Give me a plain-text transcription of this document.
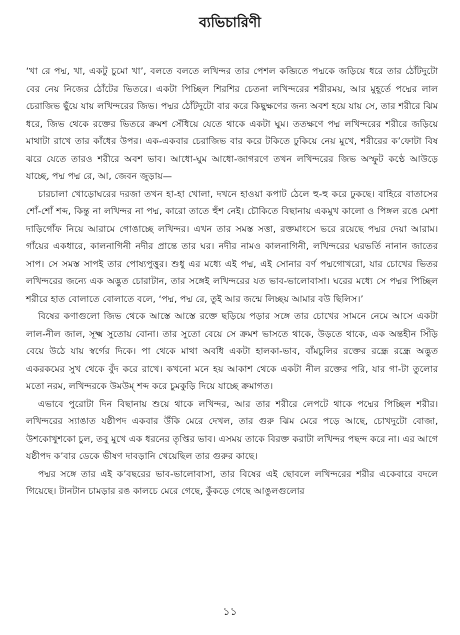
ব্যভিচারিণী

‘খা রে পদ্ম, খা, একটু চুমো খা’, বলতে বলতে লখিন্দর তার পেশল কব্জিতে পদ্মকে জড়িয়ে ধরে তার ঠোঁটদুটো বের নেয় নিজের ঠোঁটের ভিতরে। একটা পিচ্ছিল শিরশির চেতনা লখিন্দরের শরীরময়, আর মুহূর্তে পদ্মের লাল চেরাজিভ ছুঁয়ে যায় লখিন্দরের জিভ। পদ্মর ঠোঁটদুটো বার করে কিছুক্ষণের জন্য অবশ হয়ে যায় সে, তার শরীরে ঝিম ধরে, জিভ থেকে রক্তের ভিতরে ক্রমশ সেঁধিয়ে যেতে থাকে একটা ঘুম। ততক্ষণে পদ্ম লখিন্দরের শরীরে জড়িয়ে মাথাটা রাখে তার কাঁধের উপর। এক-একবার চেরাজিভ বার করে টকিতে ঢুকিয়ে নেয় মুখে, শরীরের ক’ফোটা বিষ ঝরে যেতে তারও শরীরে অবশ ভাব। আধো-ঘুম আধো-জাগরণে তখন লখিন্দরের জিভ অস্ফুট কণ্ঠে আউড়ে যাচ্ছে, পদ্ম পদ্ম রে, আ, জেবন জুড়ায়—

চারচালা খোড়োঘরের দরজা তখন হা-হা খোলা, দখনে হাওয়া কপাট ঠেলে হু-হু করে ঢুকছে। বাহিরে বাতাসের শোঁ-শোঁ শব্দ, কিন্তু না লখিন্দর না পদ্ম, কারো তাতে হুঁশ নেই। চৌকিতে বিছানায় একমুখ কালো ও পিঙ্গল রঙে মেশা দাড়িগোঁফ নিয়ে আরামে গোঙাচ্ছে লখিন্দর। এখন তার সমস্ত সত্তা, রক্তমাংসে ভরে রয়েছে পদ্মর দেয়া আরাম। গাঁয়ের একধারে, কালনাগিনী নদীর প্রান্তে তার ঘর। নদীর নামও কালনাগিনী, লখিন্দরের ঘরভর্তি নানান জাতের সাপ। সে সমস্ত সাপই তার পোষ্যপুত্তুর। শুধু এর মধ্যে এই পদ্ম, এই সোনার বর্ণ পদ্মগোখরো, যার চোখের ভিতর লখিন্দরের জন্যে এক অদ্ভুত চোরাটান, তার সঙ্গেই লখিন্দরের যত ভাব-ভালোবাসা। ঘরের মধ্যে সে পদ্মর পিচ্ছিল শরীরে হাত বোলাতে বোলাতে বলে, ‘পদ্ম, পদ্ম রে, তুই আর জন্মে লিচ্ছয় আমার বউ ছিলিস।’

বিষের কণাগুলো জিভ থেকে আস্তে আস্তে রক্তে ছড়িয়ে পড়ার সঙ্গে তার চোখের সামনে নেমে আসে একটা লাল-নীল জাল, সূক্ষ্ম সুতোয় বোনা। তার সুতো বেয়ে সে ক্রমশ ভাসতে থাকে, উড়তে থাকে, এক অন্তহীন সিঁড়ি বেয়ে উঠে যায় স্বর্গের দিকে। পা থেকে মাথা অবধি একটা হালকা-ভাব, বাঁমচুলির রক্তের রন্ধ্রে রন্ধ্রে অদ্ভুত একরকমের সুখ থেকে বুঁদ করে রাখে। কখনো মনে হয় আকাশ থেকে একটা নীল রক্তের পরি, যার গা-টা তুলোর মতো নরম, লখিন্দরকে উমউম্‌ শব্দ করে চুমকুড়ি দিয়ে যাচ্ছে ক্রমাগত।

এভাবে পুরোটা দিন বিছানায় শুয়ে থাকে লখিন্দর, আর তার শরীরে লেপটে থাকে পদ্মের পিচ্ছিল শরীর। লখিন্দরের স্যাঙাত যষ্ঠীপদ একবার উঁকি মেরে দেখল, তার গুরু ঝিম মেরে পড়ে আছে, চোখদুটো বোজা, উশকোখুশকো চুল, তবু মুখে এক ধরনের তৃপ্তির ভাব। এসময় তাকে বিরক্ত করাটা লখিন্দর পছন্দ করে না। এর আগে যষ্ঠীপদ ক’বার ডেকে ভীষণ দাবড়ানি খেয়েছিল তার গুরুর কাছে।

পদ্মর সঙ্গে তার এই ক’বছরের ভাব-ভালোবাসা, তার বিষের এই ছোবলে লখিন্দরের শরীর একেবারে বদলে গিয়েছে। টানটান চামড়ার রঙ কালচে মেরে গেছে, কুঁকড়ে গেছে আঙুলগুলোর

১১
